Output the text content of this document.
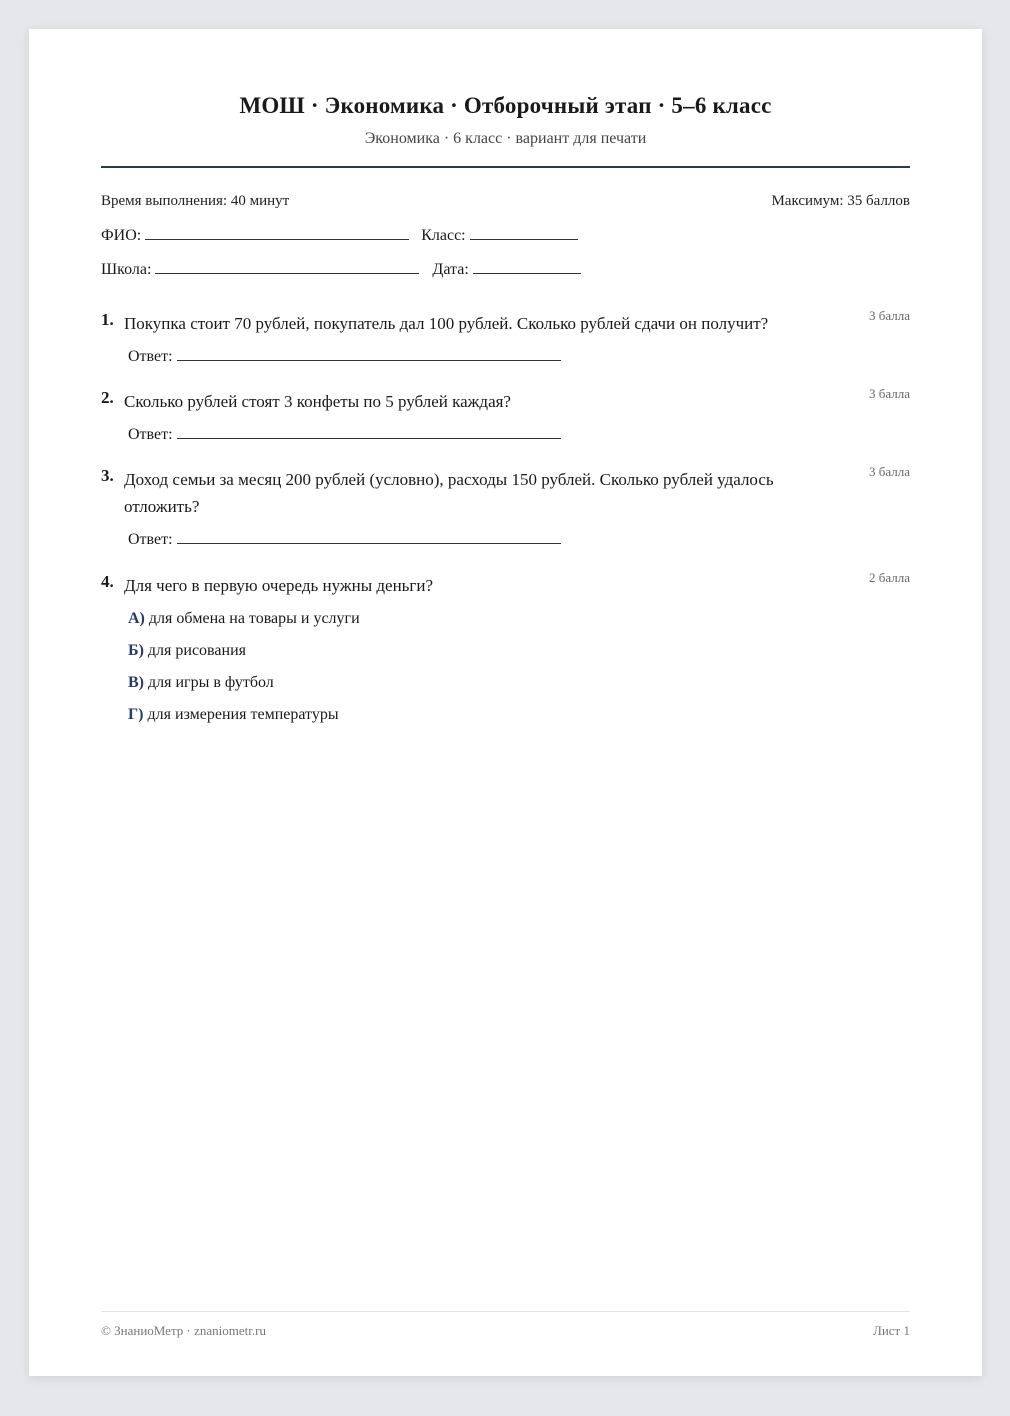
МОШ · Экономика · Отборочный этап · 5–6 класс
Экономика · 6 класс · вариант для печати
Время выполнения: 40 минут	Максимум: 35 баллов
ФИО:	Класс:
Школа:	Дата:
1. Покупка стоит 70 рублей, покупатель дал 100 рублей. Сколько рублей сдачи он получит?	3 балла
Ответ:
2. Сколько рублей стоят 3 конфеты по 5 рублей каждая?	3 балла
Ответ:
3. Доход семьи за месяц 200 рублей (условно), расходы 150 рублей. Сколько рублей удалось отложить?
3 балла
Ответ:
4. Для чего в первую очередь нужны деньги?	2 балла
А) для обмена на товары и услуги
Б) для рисования
В) для игры в футбол
Г) для измерения температуры
© ЗнаниоМетр · znaniometr.ru	Лист 1
